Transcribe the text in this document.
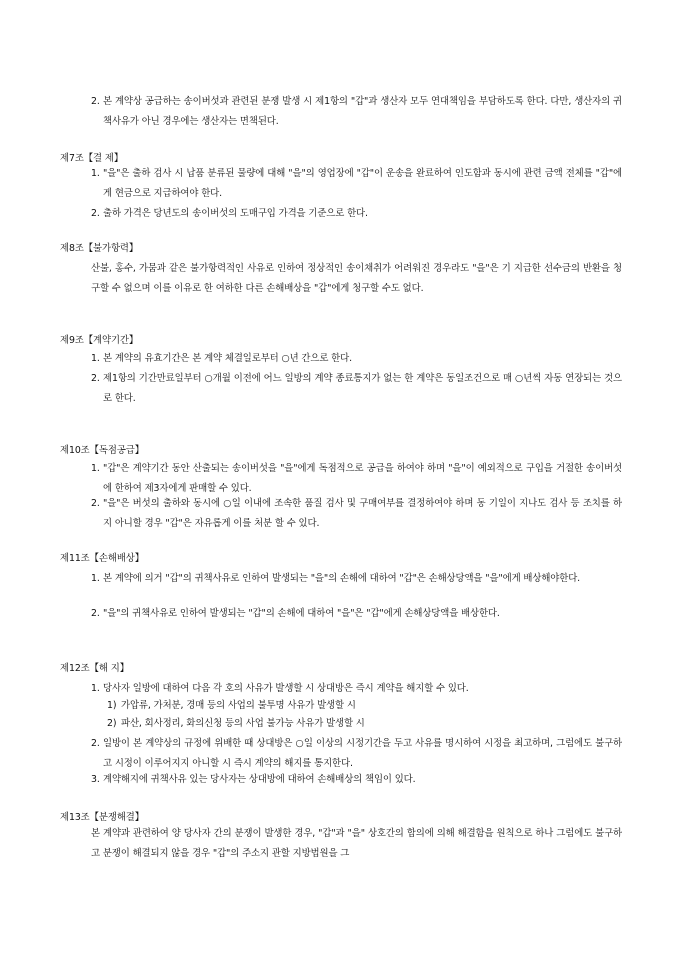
2. 본 계약상 공급하는 송이버섯과 관련된 분쟁 발생 시 제1항의 "갑"과 생산자 모두 연대책임을 부담하도록 한다. 다만, 생산자의 귀책사유가 아닌 경우에는 생산자는 면책된다.
제7조【결 제】
1. "을"은 출하 검사 시 납품 분류된 물량에 대해 "을"의 영업장에 "갑"이 운송을 완료하여 인도함과 동시에 관련 금액 전체를 "갑"에게 현금으로 지급하여야 한다.
2. 출하 가격은 당년도의 송이버섯의 도매구입 가격을 기준으로 한다.
제8조【불가항력】
산불, 홍수, 가뭄과 같은 불가항력적인 사유로 인하여 정상적인 송이채취가 어려워진 경우라도 "을"은 기 지급한 선수금의 반환을 청구할 수 없으며 이를 이유로 한 여하한 다른 손해배상을 "갑"에게 청구할 수도 없다.
제9조【계약기간】
1. 본 계약의 유효기간은 본 계약 체결일로부터 ○년 간으로 한다.
2. 제1항의 기간만료일부터 ○개월 이전에 어느 일방의 계약 종료통지가 없는 한 계약은 동일조건으로 매 ○년씩 자동 연장되는 것으로 한다.
제10조【독점공급】
1. "갑"은 계약기간 동안 산출되는 송이버섯을 "을"에게 독점적으로 공급을 하여야 하며 "을"이 예외적으로 구입을 거절한 송이버섯에 한하여 제3자에게 판매할 수 있다.
2. "을"은 버섯의 출하와 동시에 ○일 이내에 조속한 품질 검사 및 구매여부를 결정하여야 하며 동 기일이 지나도 검사 등 조치를 하지 아니할 경우 "갑"은 자유롭게 이를 처분 할 수 있다.
제11조【손해배상】
1. 본 계약에 의거 "갑"의 귀책사유로 인하여 발생되는 "을"의 손해에 대하여 "갑"은 손해상당액을 "을"에게 배상해야한다.
2. "을"의 귀책사유로 인하여 발생되는 "갑"의 손해에 대하여 "을"은 "갑"에게 손해상당액을 배상한다.
제12조【해 지】
1. 당사자 일방에 대하여 다음 각 호의 사유가 발생할 시 상대방은 즉시 계약을 해지할 수 있다.
1) 가압류, 가처분, 경매 등의 사업의 불투명 사유가 발생할 시
2) 파산, 회사정리, 화의신청 등의 사업 불가능 사유가 발생할 시
2. 일방이 본 계약상의 규정에 위배한 때 상대방은 ○일 이상의 시정기간을 두고 사유를 명시하여 시정을 최고하며, 그럼에도 불구하고 시정이 이루어지지 아니할 시 즉시 계약의 해지를 통지한다.
3. 계약해지에 귀책사유 있는 당사자는 상대방에 대하여 손해배상의 책임이 있다.
제13조【분쟁해결】
본 계약과 관련하여 양 당사자 간의 분쟁이 발생한 경우, "갑"과 "을" 상호간의 합의에 의해 해결함을 원칙으로 하나 그럼에도 불구하고 분쟁이 해결되지 않을 경우 "갑"의 주소지 관할 지방법원을 그
